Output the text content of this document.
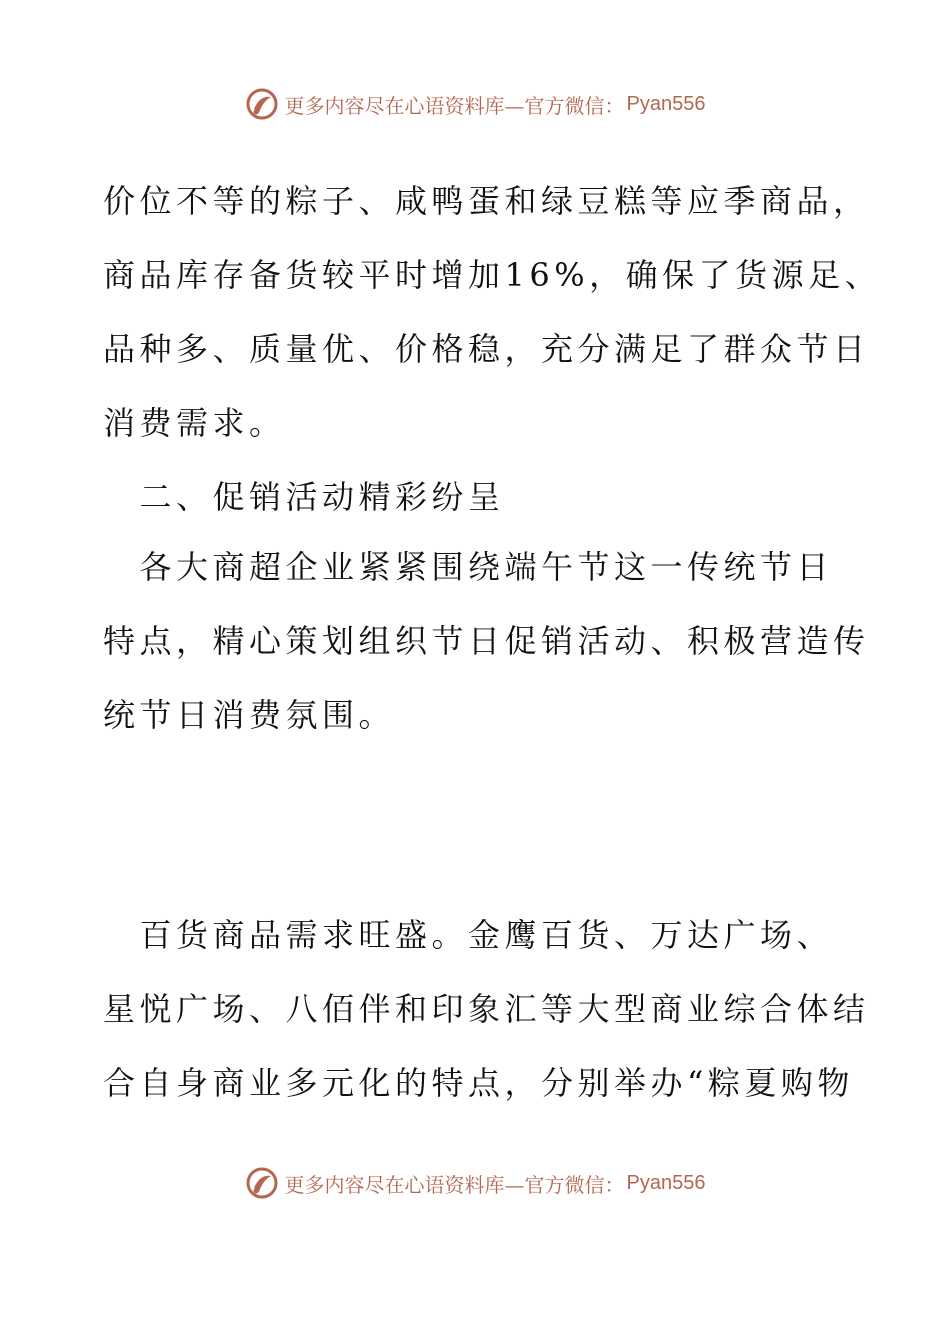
更多内容尽在心语资料库—官方微信： Pyan556
价位不等的粽子、咸鸭蛋和绿豆糕等应季商品，
商品库存备货较平时增加16%，确保了货源足、
品种多、质量优、价格稳，充分满足了群众节日
消费需求。
　二、促销活动精彩纷呈
　各大商超企业紧紧围绕端午节这一传统节日
特点，精心策划组织节日促销活动、积极营造传
统节日消费氛围。
　百货商品需求旺盛。金鹰百货、万达广场、
星悦广场、八佰伴和印象汇等大型商业综合体结
合自身商业多元化的特点，分别举办“粽夏购物
更多内容尽在心语资料库—官方微信： Pyan556
